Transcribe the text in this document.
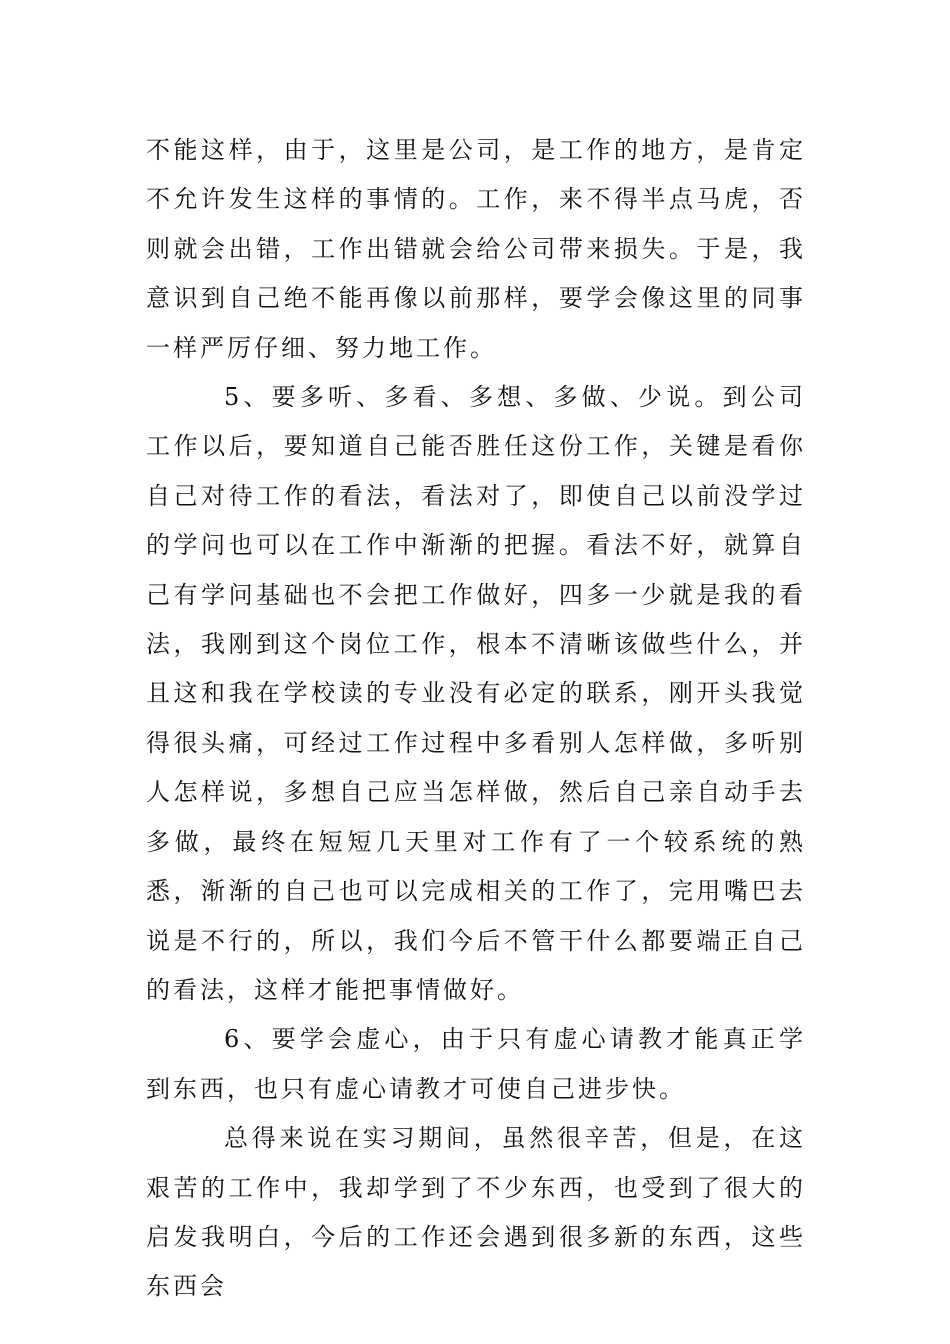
不能这样，由于，这里是公司，是工作的地方，是肯定不允许发生这样的事情的。工作，来不得半点马虎，否则就会出错，工作出错就会给公司带来损失。于是，我意识到自己绝不能再像以前那样，要学会像这里的同事一样严厉仔细、努力地工作。

5、要多听、多看、多想、多做、少说。到公司工作以后，要知道自己能否胜任这份工作，关键是看你自己对待工作的看法，看法对了，即使自己以前没学过的学问也可以在工作中渐渐的把握。看法不好，就算自己有学问基础也不会把工作做好，四多一少就是我的看法，我刚到这个岗位工作，根本不清晰该做些什么，并且这和我在学校读的专业没有必定的联系，刚开头我觉得很头痛，可经过工作过程中多看别人怎样做，多听别人怎样说，多想自己应当怎样做，然后自己亲自动手去多做，最终在短短几天里对工作有了一个较系统的熟悉，渐渐的自己也可以完成相关的工作了，完用嘴巴去说是不行的，所以，我们今后不管干什么都要端正自己的看法，这样才能把事情做好。

6、要学会虚心，由于只有虚心请教才能真正学到东西，也只有虚心请教才可使自己进步快。

总得来说在实习期间，虽然很辛苦，但是，在这艰苦的工作中，我却学到了不少东西，也受到了很大的启发我明白，今后的工作还会遇到很多新的东西，这些东西会
